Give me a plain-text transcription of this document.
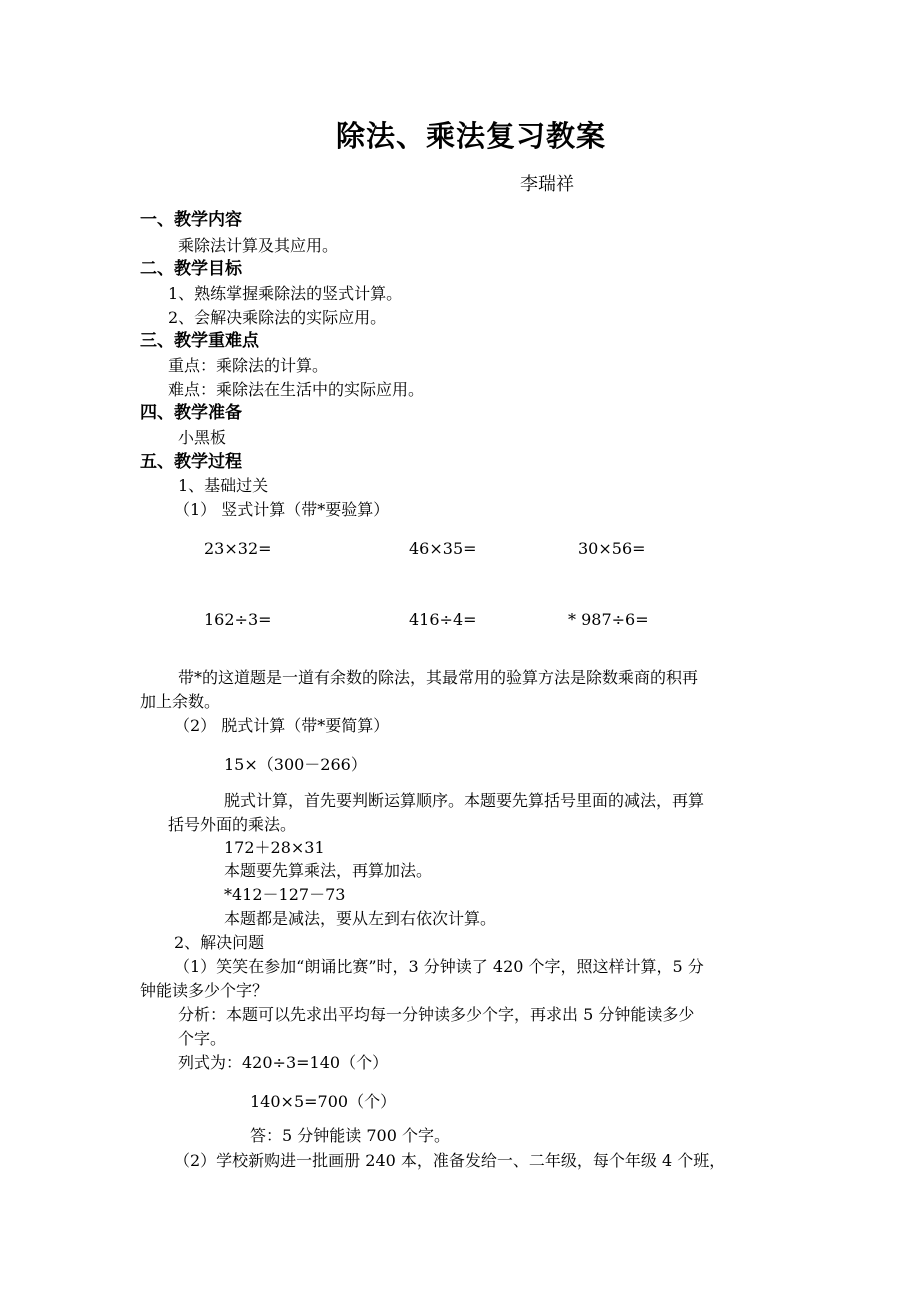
除法、乘法复习教案
李瑞祥
一、教学内容
乘除法计算及其应用。
二、教学目标
1、熟练掌握乘除法的竖式计算。
2、会解决乘除法的实际应用。
三、教学重难点
重点：乘除法的计算。
难点：乘除法在生活中的实际应用。
四、教学准备
小黑板
五、教学过程
1、基础过关
（1） 竖式计算（带*要验算）
23×32=	46×35=	30×56=
162÷3=	416÷4=	* 987÷6=
带*的这道题是一道有余数的除法，其最常用的验算方法是除数乘商的积再
加上余数。
（2） 脱式计算（带*要简算）
15×（300－266）
脱式计算，首先要判断运算顺序。本题要先算括号里面的减法，再算
括号外面的乘法。
172＋28×31
本题要先算乘法，再算加法。
*412－127－73
本题都是减法，要从左到右依次计算。
2、解决问题
（1）笑笑在参加“朗诵比赛”时，3 分钟读了 420 个字，照这样计算，5 分
钟能读多少个字？
分析：本题可以先求出平均每一分钟读多少个字，再求出 5 分钟能读多少
个字。
列式为：420÷3=140（个）
140×5=700（个）
答：5 分钟能读 700 个字。
（2）学校新购进一批画册 240 本，准备发给一、二年级，每个年级 4 个班，
